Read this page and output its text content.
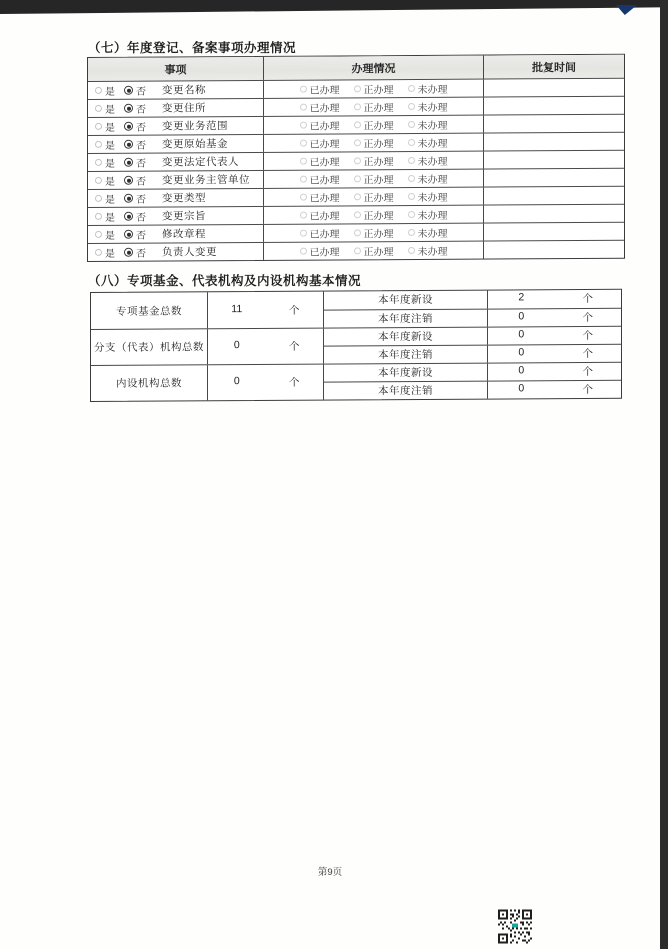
（七）年度登记、备案事项办理情况
事项	办理情况	批复时间
是 否 变更名称	已办理 正办理 未办理
是 否 变更住所	已办理 正办理 未办理
是 否 变更业务范围	已办理 正办理 未办理
是 否 变更原始基金	已办理 正办理 未办理
是 否 变更法定代表人	已办理 正办理 未办理
是 否 变更业务主管单位	已办理 正办理 未办理
是 否 变更类型	已办理 正办理 未办理
是 否 变更宗旨	已办理 正办理 未办理
是 否 修改章程	已办理 正办理 未办理
是 否 负责人变更	已办理 正办理 未办理
（八）专项基金、代表机构及内设机构基本情况
专项基金总数	11	个
本年度新设	2	个
本年度注销	0	个
分支（代表）机构总数	0	个
本年度新设	0	个
本年度注销	0	个
内设机构总数	0	个
本年度新设	0	个
本年度注销	0	个
第9页
